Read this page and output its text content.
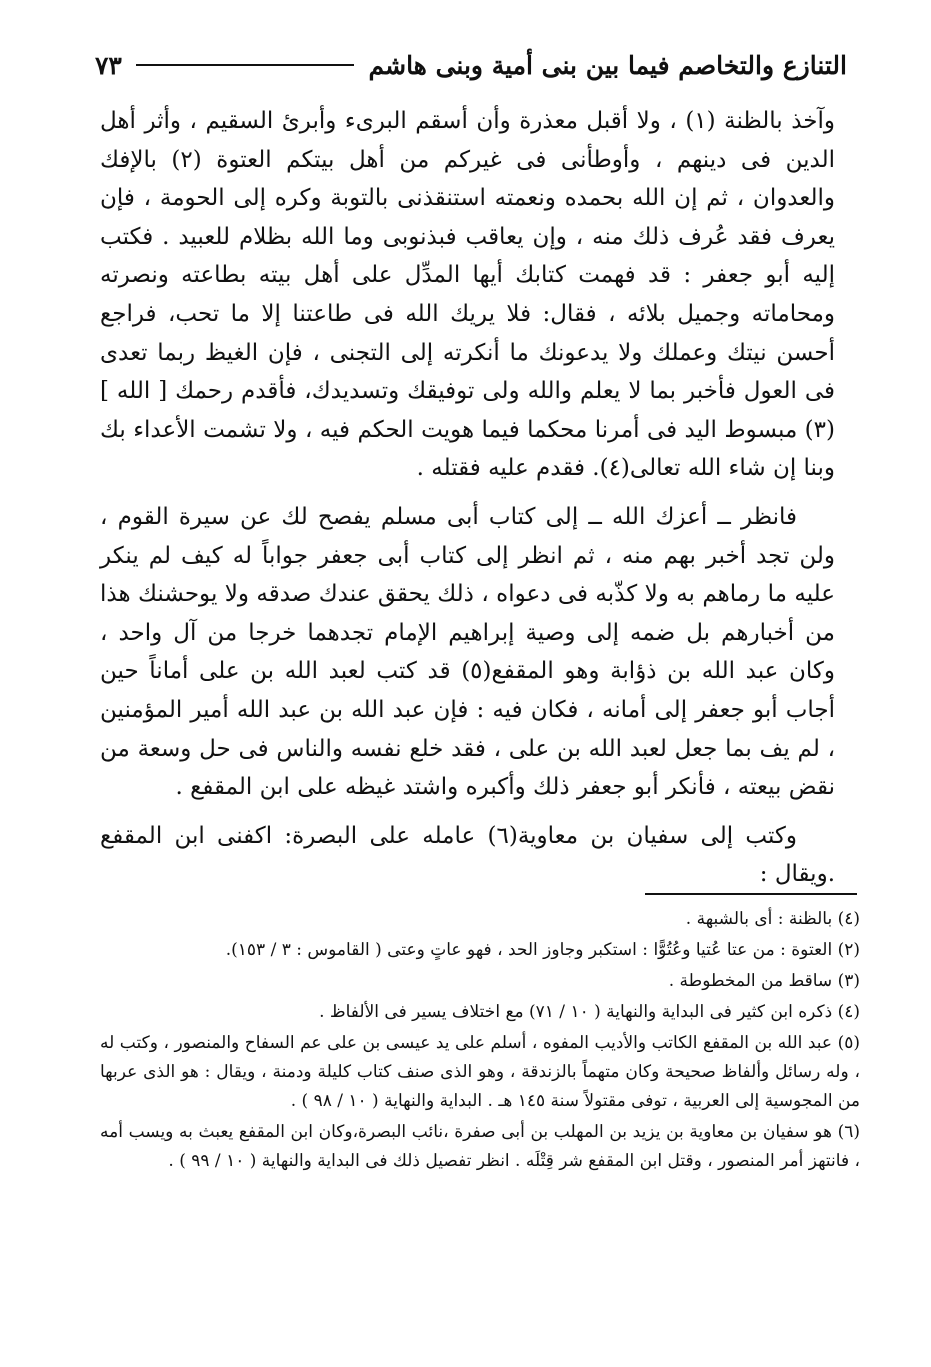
التنازع والتخاصم فيما بين بنى أمية وبنى هاشم
٧٣

وآخذ بالظنة (١) ، ولا أقبل معذرة وأن أسقم البرىء وأبرئ السقيم ، وأثر أهل الدين فى دينهم ، وأوطأنى فى غيركم من أهل بيتكم العتوة (٢) بالإفك والعدوان ، ثم إن الله بحمده ونعمته استنقذنى بالتوبة وكره إلى الحومة ، فإن يعرف فقد عُرف ذلك منه ، وإن يعاقب فبذنوبى وما الله بظلام للعبيد . فكتب إليه أبو جعفر : قد فهمت كتابك أيها المدِّل على أهل بيته بطاعته ونصرته ومحاماته وجميل بلائه ، فقال: فلا يريك الله فى طاعتنا إلا ما تحب، فراجع أحسن نيتك وعملك ولا يدعونك ما أنكرته إلى التجنى ، فإن الغيظ ربما تعدى فى العول فأخبر بما لا يعلم والله ولى توفيقك وتسديدك، فأقدم رحمك [ الله ](٣) مبسوط اليد فى أمرنا محكما فيما هويت الحكم فيه ، ولا تشمت الأعداء بك وبنا إن شاء الله تعالى(٤). فقدم عليه فقتله .

فانظر ــ أعزك الله ــ إلى كتاب أبى مسلم يفصح لك عن سيرة القوم ، ولن تجد أخبر بهم منه ، ثم انظر إلى كتاب أبى جعفر جواباً له كيف لم ينكر عليه ما رماهم به ولا كذّبه فى دعواه ، ذلك يحقق عندك صدقه ولا يوحشنك هذا من أخبارهم بل ضمه إلى وصية إبراهيم الإمام تجدهما خرجا من آل واحد ، وكان عبد الله بن ذؤابة وهو المقفع(٥) قد كتب لعبد الله بن على أماناً حين أجاب أبو جعفر إلى أمانه ، فكان فيه : فإن عبد الله بن عبد الله أمير المؤمنين ، لم يف بما جعل لعبد الله بن على ، فقد خلع نفسه والناس فى حل وسعة من نقض بيعته ، فأنكر أبو جعفر ذلك وأكبره واشتد غيظه على ابن المقفع .

وكتب إلى سفيان بن معاوية(٦) عامله على البصرة: اكفنى ابن المقفع .ويقال :

(٤) بالظنة : أى بالشبهة .

(٢) العتوة : من عتا عُتيا وعُتُوًّا : استكبر وجاوز الحد ، فهو عاتٍ وعتى ( القاموس : ٣ / ١٥٣).

(٣) ساقط من المخطوطة .

(٤) ذكره ابن كثير فى البداية والنهاية ( ١٠ / ٧١) مع اختلاف يسير فى الألفاظ .

(٥) عبد الله بن المقفع الكاتب والأديب المفوه ، أسلم على يد عيسى بن على عم السفاح والمنصور ، وكتب له ، وله رسائل وألفاظ صحيحة وكان متهماً بالزندقة ، وهو الذى صنف كتاب كليلة ودمنة ، ويقال : هو الذى عربها من المجوسية إلى العربية ، توفى مقتولاً سنة ١٤٥ هـ . البداية والنهاية ( ١٠ / ٩٨ ) .

(٦) هو سفيان بن معاوية بن يزيد بن المهلب بن أبى صفرة ،نائب البصرة،وكان ابن المقفع يعبث به ويسب أمه ، فانتهز أمر المنصور ، وقتل ابن المقفع شر قِتْلَه . انظر تفصيل ذلك فى البداية والنهاية ( ١٠ / ٩٩ ) .
